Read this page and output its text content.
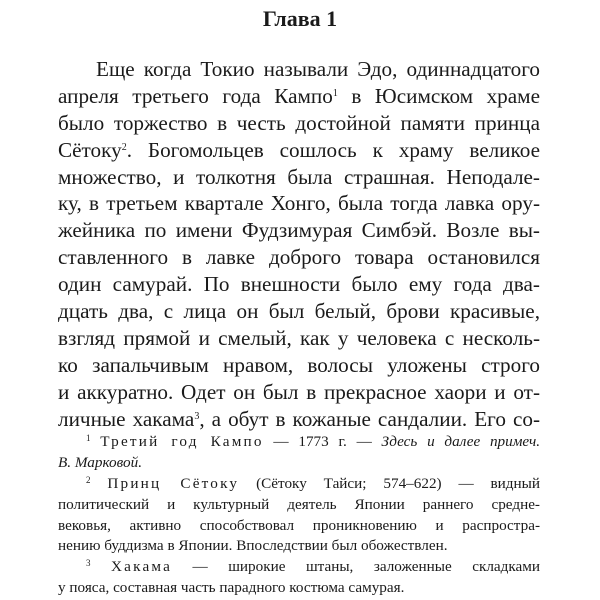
Глава 1
Еще когда Токио называли Эдо, одиннадцатого
апреля третьего года Кампо$^1$ в Юсимском храме
было торжество в честь достойной памяти принца
Сётоку$^2$. Богомольцев сошлось к храму великое
множество, и толкотня была страшная. Неподале-
ку, в третьем квартале Хонго, была тогда лавка ору-
жейника по имени Фудзимурая Симбэй. Возле вы-
ставленного в лавке доброго товара остановился
один самурай. По внешности было ему года два-
дцать два, с лица он был белый, брови красивые,
взгляд прямой и смелый, как у человека с несколь-
ко запальчивым нравом, волосы уложены строго
и аккуратно. Одет он был в прекрасное хаори и от-
личные хакама$^3$, а обут в кожаные сандалии. Его со-
$^1$ Третий год Кампо — 1773 г. — Здесь и далее примеч.
В. Марковой.
$^2$ Принц Сётоку (Сётоку Тайси; 574–622) — видный
политический и культурный деятель Японии раннего средне-
вековья, активно способствовал проникновению и распростра-
нению буддизма в Японии. Впоследствии был обожествлен.
$^3$ Хакама — широкие штаны, заложенные складками
у пояса, составная часть парадного костюма самурая.
